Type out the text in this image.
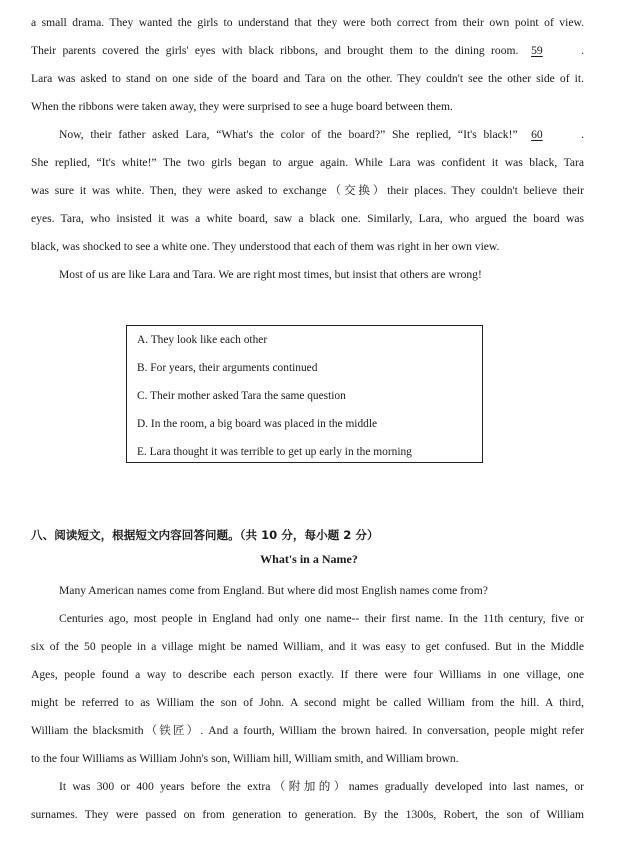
a small drama. They wanted the girls to understand that they were both correct from their own point of view.
Their parents covered the girls' eyes with black ribbons, and brought them to the dining room. 59	.
Lara was asked to stand on one side of the board and Tara on the other. They couldn't see the other side of it.
When the ribbons were taken away, they were surprised to see a huge board between them.
Now, their father asked Lara, “What's the color of the board?” She replied, “It's black!” 60	.
She replied, “It's white!” The two girls began to argue again. While Lara was confident it was black, Tara
was sure it was white. Then, they were asked to exchange（交换）their places. They couldn't believe their
eyes. Tara, who insisted it was a white board, saw a black one. Similarly, Lara, who argued the board was
black, was shocked to see a white one. They understood that each of them was right in her own view.
Most of us are like Lara and Tara. We are right most times, but insist that others are wrong!
A. They look like each other
B. For years, their arguments continued
C. Their mother asked Tara the same question
D. In the room, a big board was placed in the middle
E. Lara thought it was terrible to get up early in the morning
八、阅读短文，根据短文内容回答问题。（共 10 分，每小题 2 分）
What's in a Name?
Many American names come from England. But where did most English names come from?
Centuries ago, most people in England had only one name-- their first name. In the 11th century, five or
six of the 50 people in a village might be named William, and it was easy to get confused. But in the Middle
Ages, people found a way to describe each person exactly. If there were four Williams in one village, one
might be referred to as William the son of John. A second might be called William from the hill. A third,
William the blacksmith（铁匠）. And a fourth, William the brown haired. In conversation, people might refer
to the four Williams as William John's son, William hill, William smith, and William brown.
It was 300 or 400 years before the extra（附加的）names gradually developed into last names, or
surnames. They were passed on from generation to generation. By the 1300s, Robert, the son of William
